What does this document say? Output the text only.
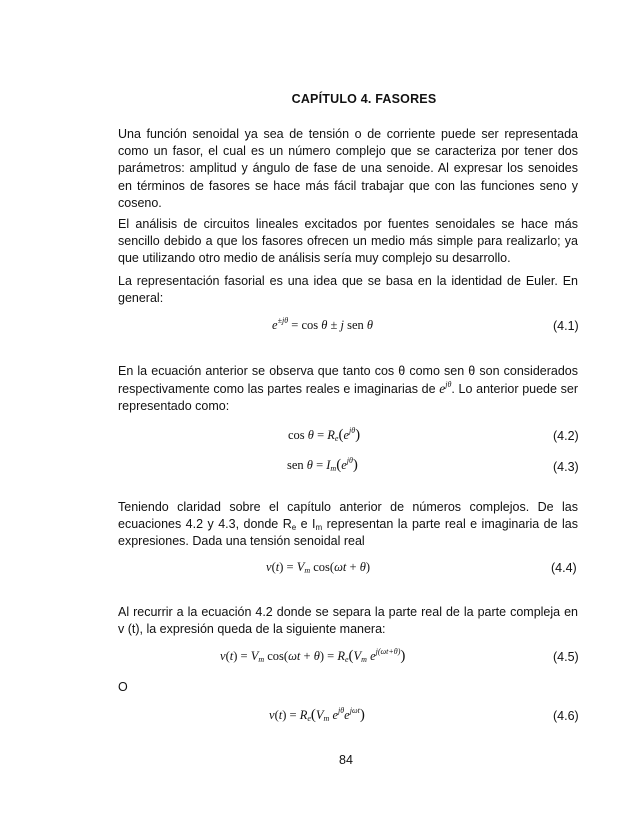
CAPÍTULO 4. FASORES
Una función senoidal ya sea de tensión o de corriente puede ser representada como un fasor, el cual es un número complejo que se caracteriza por tener dos parámetros: amplitud y ángulo de fase de una senoide. Al expresar los senoides en términos de fasores se hace más fácil trabajar que con las funciones seno y coseno.
El análisis de circuitos lineales excitados por fuentes senoidales se hace más sencillo debido a que los fasores ofrecen un medio más simple para realizarlo; ya que utilizando otro medio de análisis sería muy complejo su desarrollo.
La representación fasorial es una idea que se basa en la identidad de Euler. En general:
$e^{\pm j\theta} = \cos \theta \pm j$ sen θ	(4.1)
En la ecuación anterior se observa que tanto cos θ como sen θ son considerados respectivamente como las partes reales e imaginarias de $e^{j\theta}$. Lo anterior puede ser representado como:
$\cos \theta = R_e(e^{j\theta})$	(4.2)
sen $\theta = I_m(e^{j\theta})$	(4.3)
Teniendo claridad sobre el capítulo anterior de números complejos. De las ecuaciones 4.2 y 4.3, donde $R_e$ e $I_m$ representan la parte real e imaginaria de las expresiones. Dada una tensión senoidal real
$v(t) = V_m$ cos(ωt + θ)	(4.4)
Al recurrir a la ecuación 4.2 donde se separa la parte real de la parte compleja en v (t), la expresión queda de la siguiente manera:
$v(t) = V_m$ $\cos(\omega t + \theta) = R_e(V_m$ $e^{j(\omega t+\theta)}$)	(4.5)
O
$v(t) = R_e(V_m$ $e^{j\theta}e^{j\omega t}$)	(4.6)
84
